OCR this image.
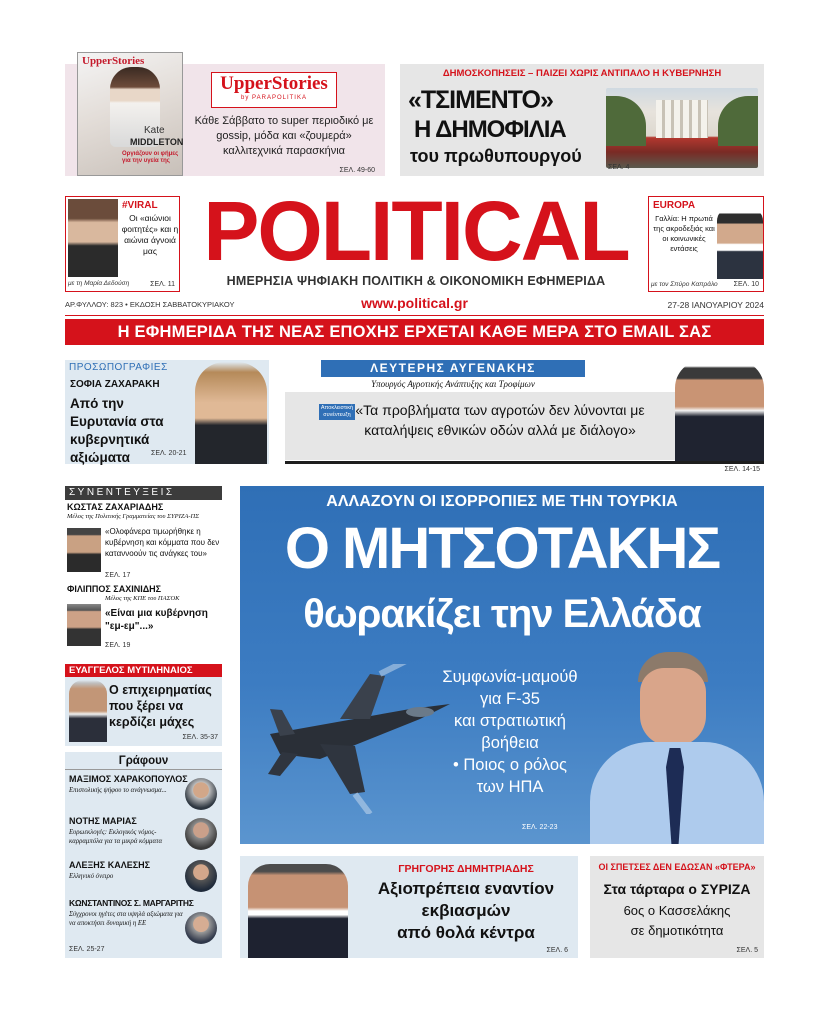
UpperStories
Kate
MIDDLETON
Οργιάζουν οι φήμες για την υγεία της
UpperStories
by PARAPOLITIKA
Κάθε Σάββατο το super περιοδικό με gossip, μόδα και «ζουμερά» καλλιτεχνικά παρασκήνια
ΣΕΛ. 49-60
ΔΗΜΟΣΚΟΠΗΣΕΙΣ – ΠΑΙΖΕΙ ΧΩΡΙΣ ΑΝΤΙΠΑΛΟ Η ΚΥΒΕΡΝΗΣΗ
«ΤΣΙΜΕΝΤΟ»
Η ΔΗΜΟΦΙΛΙΑ
του πρωθυπουργού
ΣΕΛ. 4
#VIRAL
Οι «αιώνιοι φοιτητές» και η αιώνια άγνοιά μας
με τη Μαρία Δεδούση	ΣΕΛ. 11
POLITICAL
ΗΜΕΡΗΣΙΑ ΨΗΦΙΑΚΗ ΠΟΛΙΤΙΚΗ & ΟΙΚΟΝΟΜΙΚΗ ΕΦΗΜΕΡΙΔΑ
EUROPA
Γαλλία: Η πρωτιά της ακροδεξιάς και οι κοινωνικές εντάσεις
με τον Σπύρο Καπράλο ΣΕΛ. 10
ΑΡ.ΦΥΛΛΟΥ: 823 • ΕΚΔΟΣΗ ΣΑΒΒΑΤΟΚΥΡΙΑΚΟΥ	www.political.gr	27-28 ΙΑΝΟΥΑΡΙΟΥ 2024
Η ΕΦΗΜΕΡΙΔΑ ΤΗΣ ΝΕΑΣ ΕΠΟΧΗΣ ΕΡΧΕΤΑΙ ΚΑΘΕ ΜΕΡΑ ΣΤΟ EMAIL ΣΑΣ
ΠΡΟΣΩΠΟΓΡΑΦΙΕΣ
ΣΟΦΙΑ ΖΑΧΑΡΑΚΗ
Από την Ευρυτανία στα κυβερνητικά αξιώματα	ΣΕΛ. 20-21
ΛΕΥΤΕΡΗΣ ΑΥΓΕΝΑΚΗΣ
Υπουργός Αγροτικής Ανάπτυξης και Τροφίμων
Αποκλειστική συνέντευξη «Τα προβλήματα των αγροτών δεν λύνονται με καταλήψεις εθνικών οδών αλλά με διάλογο»
ΣΕΛ. 14-15
ΣΥΝΕΝΤΕΥΞΕΙΣ
ΚΩΣΤΑΣ ΖΑΧΑΡΙΑΔΗΣ
Μέλος της Πολιτικής Γραμματείας του ΣΥΡΙΖΑ-ΠΣ
«Ολοφάνερα τιμωρήθηκε η κυβέρνηση και κόμματα που δεν καταννοούν τις ανάγκες του»
ΣΕΛ. 17
ΦΙΛΙΠΠΟΣ ΣΑΧΙΝΙΔΗΣ
Μέλος της ΚΠΕ του ΠΑΣΟΚ
«Είναι μια κυβέρνηση "εμ-εμ"...»
ΣΕΛ. 19
ΕΥΑΓΓΕΛΟΣ ΜΥΤΙΛΗΝΑΙΟΣ
Ο επιχειρηματίας που ξέρει να κερδίζει μάχες
ΣΕΛ. 35-37
Γράφουν
ΜΑΞΙΜΟΣ ΧΑΡΑΚΟΠΟΥΛΟΣ
Επιστολικής ψήφου το ανάγνωσμα...
ΝΟΤΗΣ ΜΑΡΙΑΣ
Ευρωεκλογές: Εκλογικός νόμος-καρραμπόλα για τα μικρά κόμματα
ΑΛΕΞΗΣ ΚΑΛΕΣΗΣ
Ελληνικό όνειρο
ΚΩΝΣΤΑΝΤΙΝΟΣ Σ. ΜΑΡΓΑΡΙΤΗΣ
Σύγχρονοι ηγέτες στα υψηλά αξιώματα για να αποκτήσει δυναμική η ΕΕ
ΣΕΛ. 25-27
ΑΛΛΑΖΟΥΝ ΟΙ ΙΣΟΡΡΟΠΙΕΣ ΜΕ ΤΗΝ ΤΟΥΡΚΙΑ
Ο ΜΗΤΣΟΤΑΚΗΣ
θωρακίζει την Ελλάδα
Συμφωνία-μαμούθ
για F-35
και στρατιωτική
βοήθεια
• Ποιος ο ρόλος
των ΗΠΑ
ΣΕΛ. 22-23
ΓΡΗΓΟΡΗΣ ΔΗΜΗΤΡΙΑΔΗΣ
Αξιοπρέπεια εναντίον
εκβιασμών
από θολά κέντρα
ΣΕΛ. 6
ΟΙ ΣΠΕΤΣΕΣ ΔΕΝ ΕΔΩΣΑΝ «ΦΤΕΡΑ»
Στα τάρταρα ο ΣΥΡΙΖΑ
6ος ο Κασσελάκης
σε δημοτικότητα
ΣΕΛ. 5
